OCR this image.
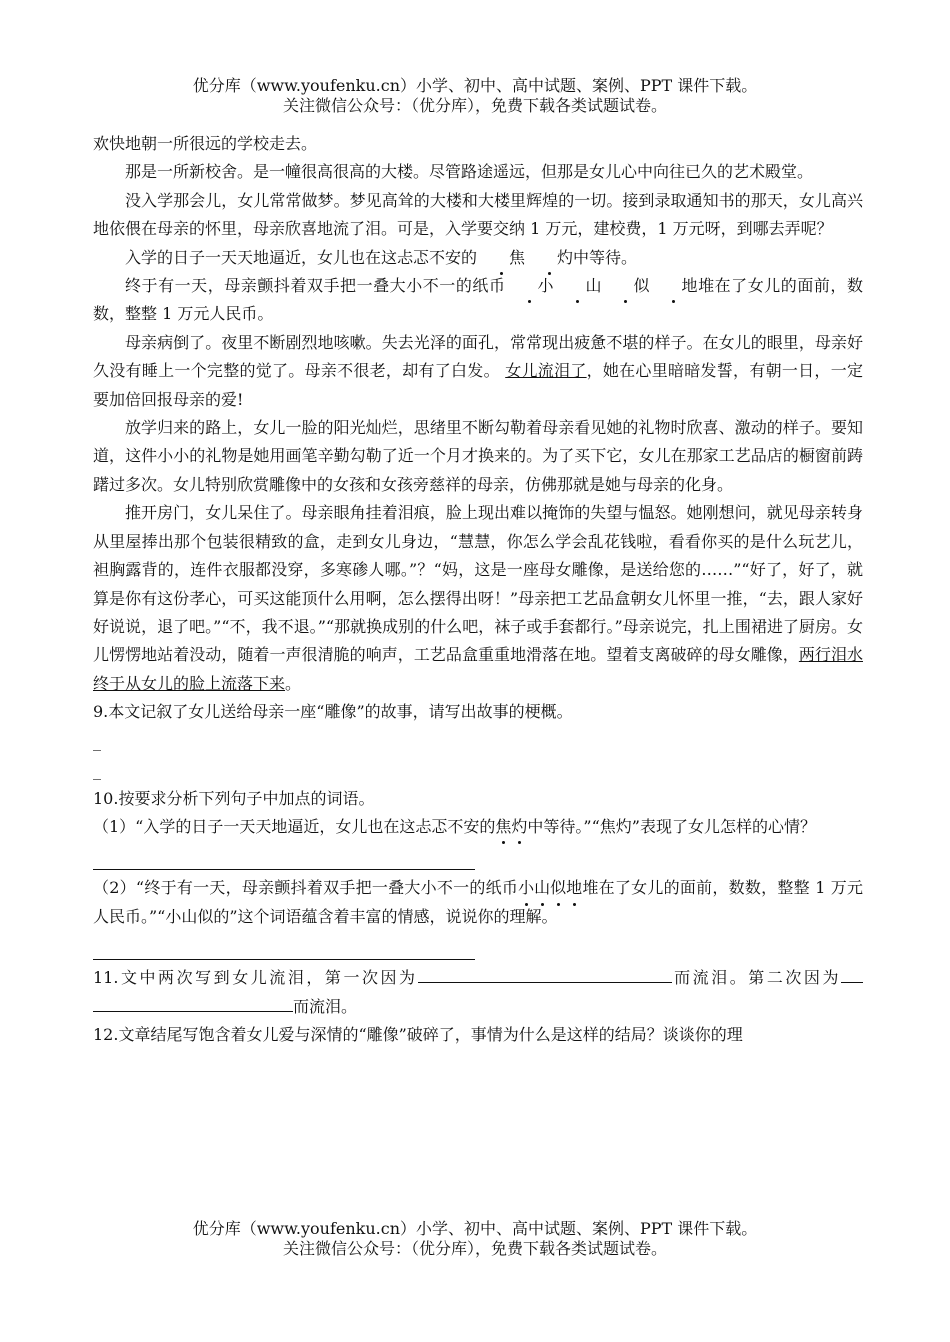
优分库（www.youfenku.cn）小学、初中、高中试题、案例、PPT 课件下载。
关注微信公众号：（优分库），免费下载各类试题试卷。

欢快地朝一所很远的学校走去。

那是一所新校舍。是一幢很高很高的大楼。尽管路途遥远，但那是女儿心中向往已久的艺术殿堂。

没入学那会儿，女儿常常做梦。梦见高耸的大楼和大楼里辉煌的一切。接到录取通知书的那天，女儿高兴地依偎在母亲的怀里，母亲欣喜地流了泪。可是，入学要交纳 1 万元，建校费，1 万元呀，到哪去弄呢？

入学的日子一天天地逼近，女儿也在这忐忑不安的 焦 灼中等待。

终于有一天，母亲颤抖着双手把一叠大小不一的纸币 小 山 似 地堆在了女儿的面前，数数，整整 1 万元人民币。

母亲病倒了。夜里不断剧烈地咳嗽。失去光泽的面孔，常常现出疲惫不堪的样子。在女儿的眼里，母亲好久没有睡上一个完整的觉了。母亲不很老，却有了白发。 女儿流泪了，她在心里暗暗发誓，有朝一日，一定要加倍回报母亲的爱!

放学归来的路上，女儿一脸的阳光灿烂，思绪里不断勾勒着母亲看见她的礼物时欣喜、激动的样子。要知道，这件小小的礼物是她用画笔辛勤勾勒了近一个月才换来的。为了买下它，女儿在那家工艺品店的橱窗前踌躇过多次。女儿特别欣赏雕像中的女孩和女孩旁慈祥的母亲，仿佛那就是她与母亲的化身。

推开房门，女儿呆住了。母亲眼角挂着泪痕，脸上现出难以掩饰的失望与愠怒。她刚想问，就见母亲转身从里屋捧出那个包装很精致的盒，走到女儿身边，“慧慧，你怎么学会乱花钱啦，看看你买的是什么玩艺儿，袒胸露背的，连件衣服都没穿，多寒碜人哪。”？“妈，这是一座母女雕像，是送给您的……”“好了，好了，就算是你有这份孝心，可买这能顶什么用啊，怎么摆得出呀！”母亲把工艺品盒朝女儿怀里一推，“去，跟人家好好说说，退了吧。”“不，我不退。”“那就换成别的什么吧，袜子或手套都行。”母亲说完，扎上围裙进了厨房。女儿愣愣地站着没动，随着一声很清脆的响声，工艺品盒重重地滑落在地。望着支离破碎的母女雕像，两行泪水终于从女儿的脸上流落下来。

9.本文记叙了女儿送给母亲一座“雕像”的故事，请写出故事的梗概。

_
_

10.按要求分析下列句子中加点的词语。

（1）“入学的日子一天天地逼近，女儿也在这忐忑不安的焦灼中等待。”“焦灼”表现了女儿怎样的心情？

（2）“终于有一天，母亲颤抖着双手把一叠大小不一的纸币小山似地堆在了女儿的面前，数数，整整 1 万元人民币。”“小山似的”这个词语蕴含着丰富的情感，说说你的理解。

11.文中两次写到女儿流泪，第一次因为	而流泪。第二次因为而流泪。

12.文章结尾写饱含着女儿爱与深情的“雕像”破碎了，事情为什么是这样的结局？谈谈你的理

优分库（www.youfenku.cn）小学、初中、高中试题、案例、PPT 课件下载。
关注微信公众号：（优分库），免费下载各类试题试卷。
